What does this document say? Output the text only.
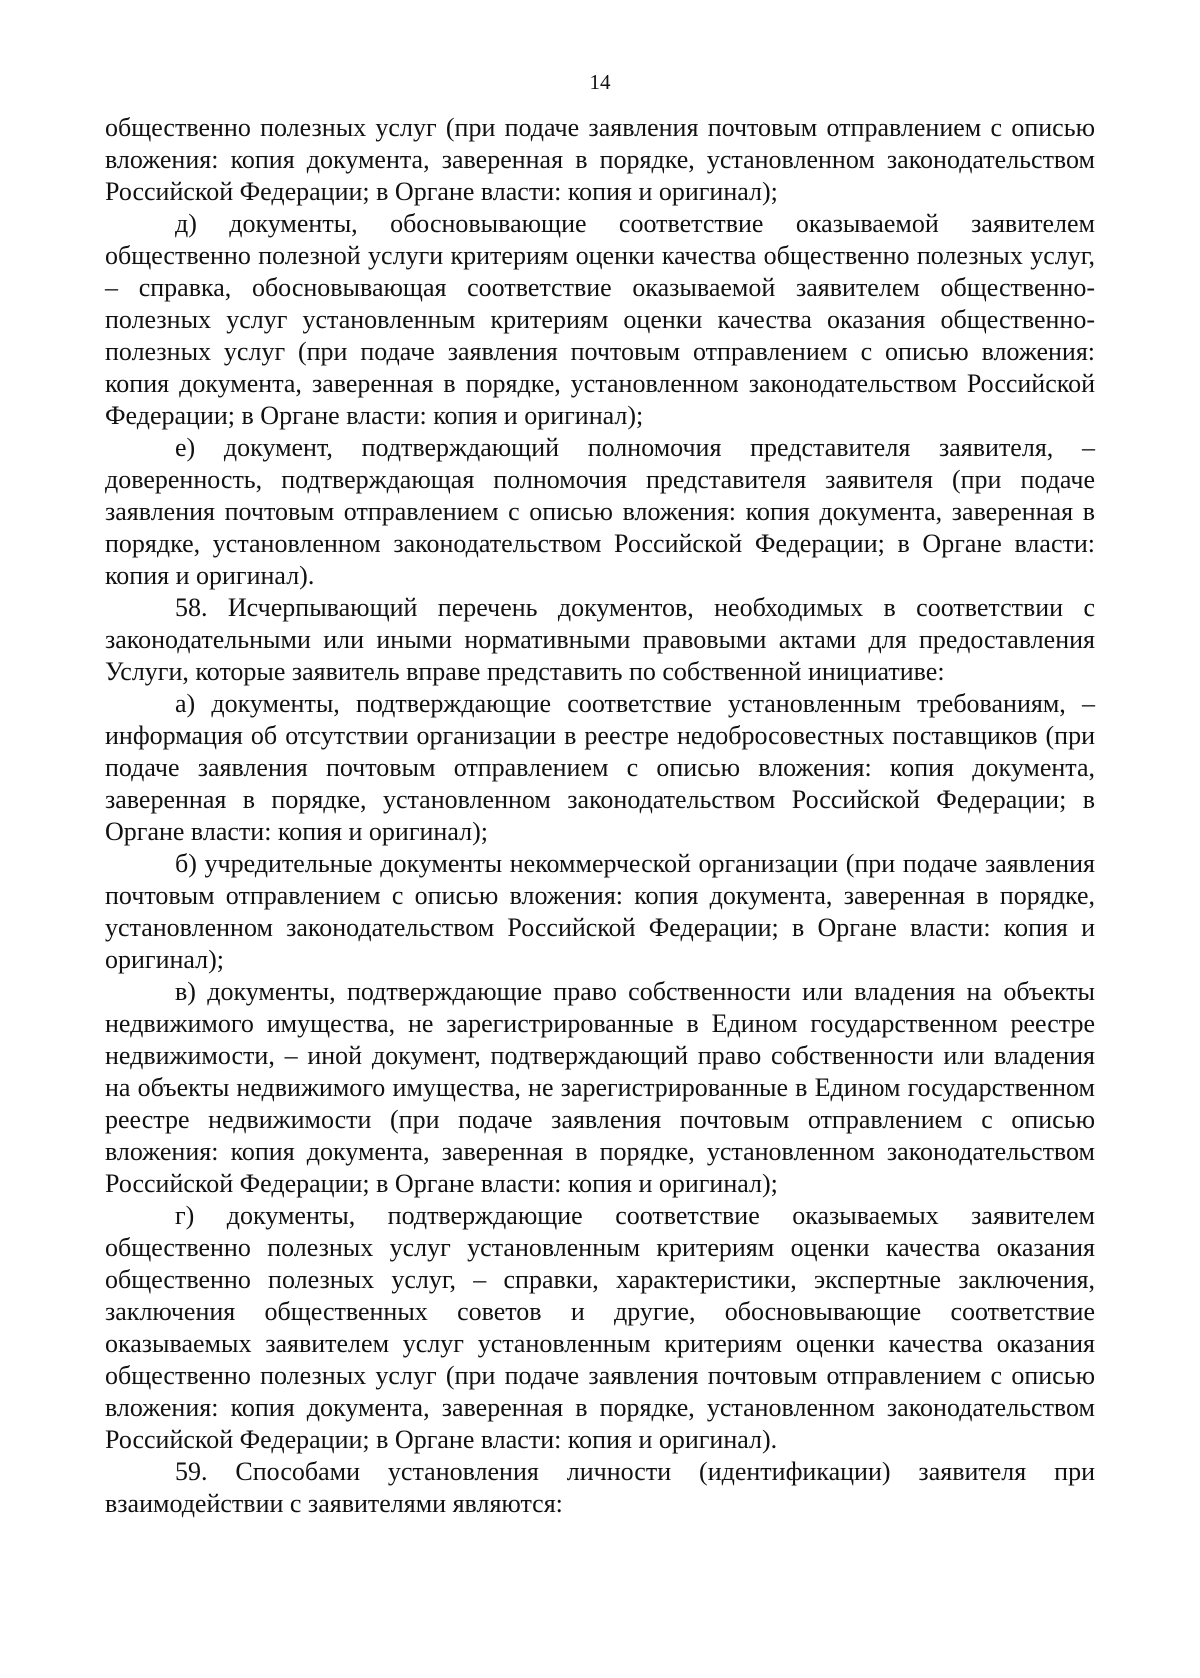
14

общественно полезных услуг (при подаче заявления почтовым отправлением с описью вложения: копия документа, заверенная в порядке, установленном законодательством Российской Федерации; в Органе власти: копия и оригинал);

д) документы, обосновывающие соответствие оказываемой заявителем общественно полезной услуги критериям оценки качества общественно полезных услуг, – справка, обосновывающая соответствие оказываемой заявителем общественно-полезных услуг установленным критериям оценки качества оказания общественно-полезных услуг (при подаче заявления почтовым отправлением с описью вложения: копия документа, заверенная в порядке, установленном законодательством Российской Федерации; в Органе власти: копия и оригинал);

е) документ, подтверждающий полномочия представителя заявителя, – доверенность, подтверждающая полномочия представителя заявителя (при подаче заявления почтовым отправлением с описью вложения: копия документа, заверенная в порядке, установленном законодательством Российской Федерации; в Органе власти: копия и оригинал).

58. Исчерпывающий перечень документов, необходимых в соответствии с законодательными или иными нормативными правовыми актами для предоставления Услуги, которые заявитель вправе представить по собственной инициативе:

а) документы, подтверждающие соответствие установленным требованиям, – информация об отсутствии организации в реестре недобросовестных поставщиков (при подаче заявления почтовым отправлением с описью вложения: копия документа, заверенная в порядке, установленном законодательством Российской Федерации; в Органе власти: копия и оригинал);

б) учредительные документы некоммерческой организации (при подаче заявления почтовым отправлением с описью вложения: копия документа, заверенная в порядке, установленном законодательством Российской Федерации; в Органе власти: копия и оригинал);

в) документы, подтверждающие право собственности или владения на объекты недвижимого имущества, не зарегистрированные в Едином государственном реестре недвижимости, – иной документ, подтверждающий право собственности или владения на объекты недвижимого имущества, не зарегистрированные в Едином государственном реестре недвижимости (при подаче заявления почтовым отправлением с описью вложения: копия документа, заверенная в порядке, установленном законодательством Российской Федерации; в Органе власти: копия и оригинал);

г) документы, подтверждающие соответствие оказываемых заявителем общественно полезных услуг установленным критериям оценки качества оказания общественно полезных услуг, – справки, характеристики, экспертные заключения, заключения общественных советов и другие, обосновывающие соответствие оказываемых заявителем услуг установленным критериям оценки качества оказания общественно полезных услуг (при подаче заявления почтовым отправлением с описью вложения: копия документа, заверенная в порядке, установленном законодательством Российской Федерации; в Органе власти: копия и оригинал).

59. Способами установления личности (идентификации) заявителя при взаимодействии с заявителями являются:
